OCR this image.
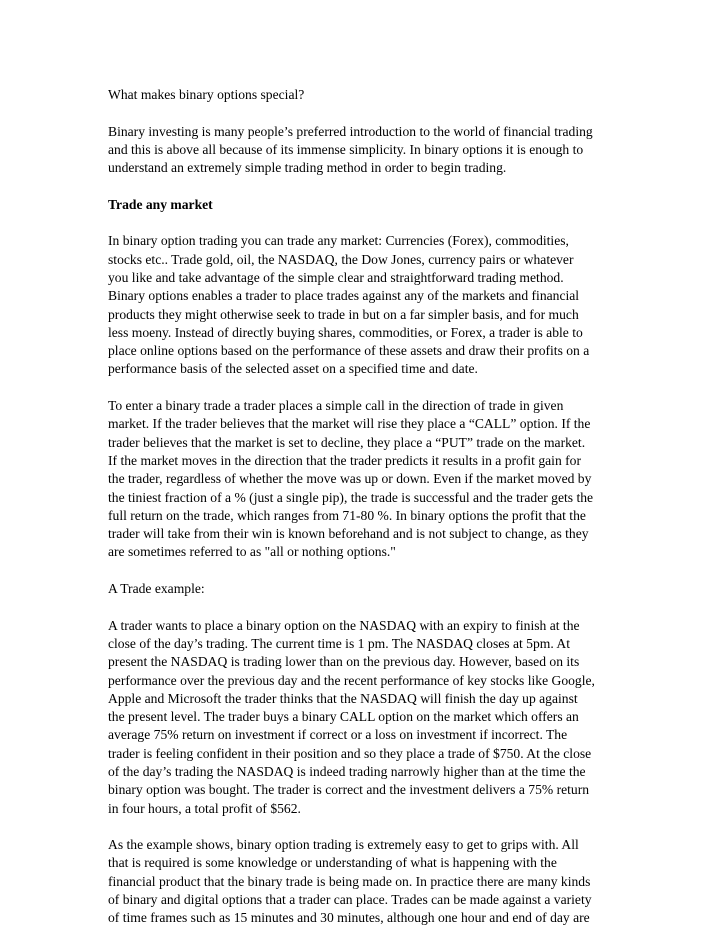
What makes binary options special?

Binary investing is many people’s preferred introduction to the world of financial trading
and this is above all because of its immense simplicity. In binary options it is enough to
understand an extremely simple trading method in order to begin trading.

Trade any market

In binary option trading you can trade any market: Currencies (Forex), commodities,
stocks etc.. Trade gold, oil, the NASDAQ, the Dow Jones, currency pairs or whatever
you like and take advantage of the simple clear and straightforward trading method.
Binary options enables a trader to place trades against any of the markets and financial
products they might otherwise seek to trade in but on a far simpler basis, and for much
less moeny. Instead of directly buying shares, commodities, or Forex, a trader is able to
place online options based on the performance of these assets and draw their profits on a
performance basis of the selected asset on a specified time and date.

To enter a binary trade a trader places a simple call in the direction of trade in given
market. If the trader believes that the market will rise they place a “CALL” option. If the
trader believes that the market is set to decline, they place a “PUT” trade on the market.
If the market moves in the direction that the trader predicts it results in a profit gain for
the trader, regardless of whether the move was up or down. Even if the market moved by
the tiniest fraction of a % (just a single pip), the trade is successful and the trader gets the
full return on the trade, which ranges from 71-80 %. In binary options the profit that the
trader will take from their win is known beforehand and is not subject to change, as they
are sometimes referred to as "all or nothing options."

A Trade example:

A trader wants to place a binary option on the NASDAQ with an expiry to finish at the
close of the day’s trading. The current time is 1 pm. The NASDAQ closes at 5pm. At
present the NASDAQ is trading lower than on the previous day. However, based on its
performance over the previous day and the recent performance of key stocks like Google,
Apple and Microsoft the trader thinks that the NASDAQ will finish the day up against
the present level. The trader buys a binary CALL option on the market which offers an
average 75% return on investment if correct or a loss on investment if incorrect. The
trader is feeling confident in their position and so they place a trade of $750. At the close
of the day’s trading the NASDAQ is indeed trading narrowly higher than at the time the
binary option was bought. The trader is correct and the investment delivers a 75% return
in four hours, a total profit of $562.

As the example shows, binary option trading is extremely easy to get to grips with. All
that is required is some knowledge or understanding of what is happening with the
financial product that the binary trade is being made on. In practice there are many kinds
of binary and digital options that a trader can place. Trades can be made against a variety
of time frames such as 15 minutes and 30 minutes, although one hour and end of day are
